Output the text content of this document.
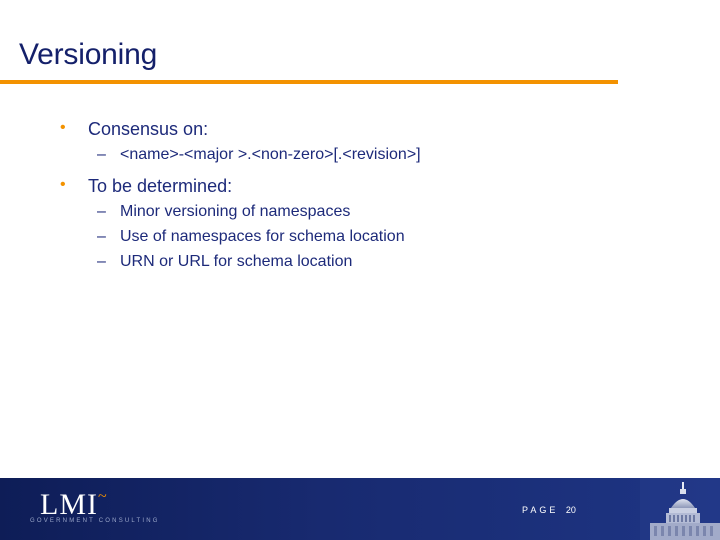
Versioning
• Consensus on:
– <name>-<major >.<non-zero>[.<revision>]
• To be determined:
– Minor versioning of namespaces
– Use of namespaces for schema location
– URN or URL for schema location
LMI ~
GOVERNMENT CONSULTING
PAGE 20
